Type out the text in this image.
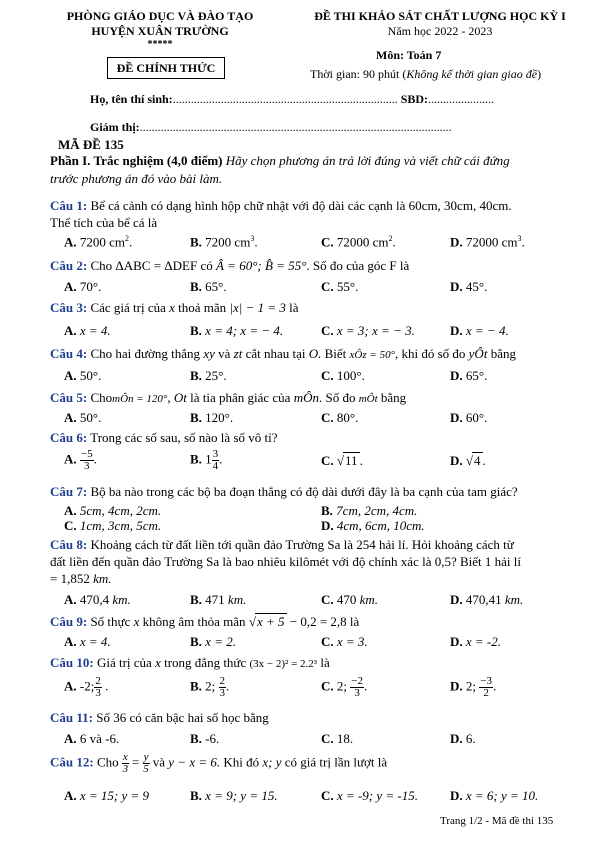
PHÒNG GIÁO DỤC VÀ ĐÀO TẠO
HUYỆN XUÂN TRƯỜNG
*****
ĐỀ CHÍNH THỨC
ĐỀ THI KHẢO SÁT CHẤT LƯỢNG HỌC KỲ I
Năm học 2022 - 2023
Môn: Toán 7
Thời gian: 90 phút (Không kể thời gian giao đề)
Họ, tên thí sinh:........................................................................... SBD:......................
Giám thị:........................................................................................................
MÃ ĐỀ 135
Phần I. Trắc nghiệm (4,0 điểm) Hãy chọn phương án trả lời đúng và viết chữ cái đứng
trước phương án đó vào bài làm.
Câu 1: Bể cá cảnh có dạng hình hộp chữ nhật với độ dài các cạnh là 60cm, 30cm, 40cm.
Thể tích của bể cá là
A. 7200 $cm^2$.	B. 7200 $cm^3$.	C. 72000 $cm^2$.	D. 72000 $cm^3$.
Câu 2: Cho ΔABC = ΔDEF có Â = 60°; B̂ = 55°. Số đo của góc F là
A. 70°.	B. 65°.	C. 55°.	D. 45°.
Câu 3: Các giá trị của x thoả mãn |x| − 1 = 3 là
A. x = 4.	B. x = 4; x = − 4.	C. x = 3; x = − 3.	D. x = − 4.
Câu 4: Cho hai đường thẳng xy và zt cắt nhau tại O. Biết xÔz = 50°, khi đó số đo yÔt bằng
A. 50°.	B. 25°.	C. 100°.	D. 65°.
Câu 5: ChomÔn = 120°, Ot là tia phân giác của mÔn. Số đo mÔt bằng
A. 50°.	B. 120°.	C. 80°.	D. 60°.
Câu 6: Trong các số sau, số nào là số vô tỉ?
A. $\frac{-5}{3}$ .	B. $1 \frac{3}{4}$ .	C. √11 .	D. √4 .
Câu 7: Bộ ba nào trong các bộ ba đoạn thẳng có độ dài dưới đây là ba cạnh của tam giác?
A. 5cm, 4cm, 2cm.	B. 7cm, 2cm, 4cm.
C. 1cm, 3cm, 5cm.	D. 4cm, 6cm, 10cm.
Câu 8: Khoảng cách từ đất liền tới quần đảo Trường Sa là 254 hải lí. Hỏi khoảng cách từ
đất liền đến quần đảo Trường Sa là bao nhiêu kilômét với độ chính xác là 0,5? Biết 1 hải lí
= 1,852 km.
A. 470,4 km.	B. 471 km.	C. 470 km.	D. 470,41 km.
Câu 9: Số thực x không âm thỏa mãn √x + 5 − 0,2 = 2,8 là
A. x = 4.	B. x = 2.	C. x = 3.	D. x = -2.
Câu 10: Giá trị của x trong đẳng thức (3x − 2)² = 2.2³ là
A. -2; $\frac{2}{3}$ .	B. 2; $\frac{2}{3}$ .	C. 2; $\frac{-2}{3}$ .	D. 2; $\frac{-3}{2}$ .
Câu 11: Số 36 có căn bậc hai số học bằng
A. 6 và -6.	B. -6.	C. 18.	D. 6.
Câu 12: Cho $\frac{x}{3} = \frac{y}{5}$ và y − x = 6. Khi đó x; y có giá trị lần lượt là
A. x = 15; y = 9	B. x = 9; y = 15.	C. x = -9; y = -15. D. x = 6; y = 10.
Trang 1/2 - Mã đề thi 135
